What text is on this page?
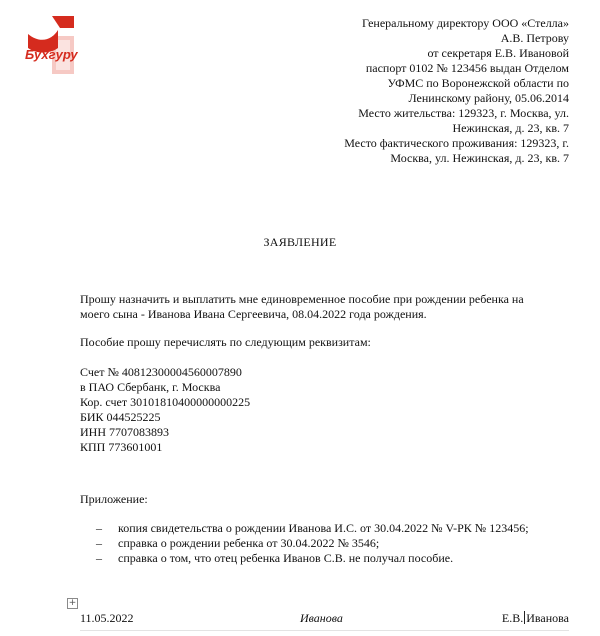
Бухгуру
Генеральному директору ООО «Стелла»
А.В. Петрову
от секретаря Е.В. Ивановой
паспорт 0102 № 123456 выдан Отделом
УФМС по Воронежской области по
Ленинскому району, 05.06.2014
Место жительства: 129323, г. Москва, ул.
Нежинская, д. 23, кв. 7
Место фактического проживания: 129323, г.
Москва, ул. Нежинская, д. 23, кв. 7
ЗАЯВЛЕНИЕ
Прошу назначить и выплатить мне единовременное пособие при рождении ребенка на
моего сына - Иванова Ивана Сергеевича, 08.04.2022 года рождения.
Пособие прошу перечислять по следующим реквизитам:
Счет № 40812300004560007890
в ПАО Сбербанк, г. Москва
Кор. счет 30101810400000000225
БИК 044525225
ИНН 7707083893
КПП 773601001
Приложение:
– копия свидетельства о рождении Иванова И.С. от 30.04.2022 № V-РК № 123456;
– справка о рождении ребенка от 30.04.2022 № 3546;
– справка о том, что отец ребенка Иванов С.В. не получал пособие.
+
11.05.2022	Иванова	Е.В. Иванова
